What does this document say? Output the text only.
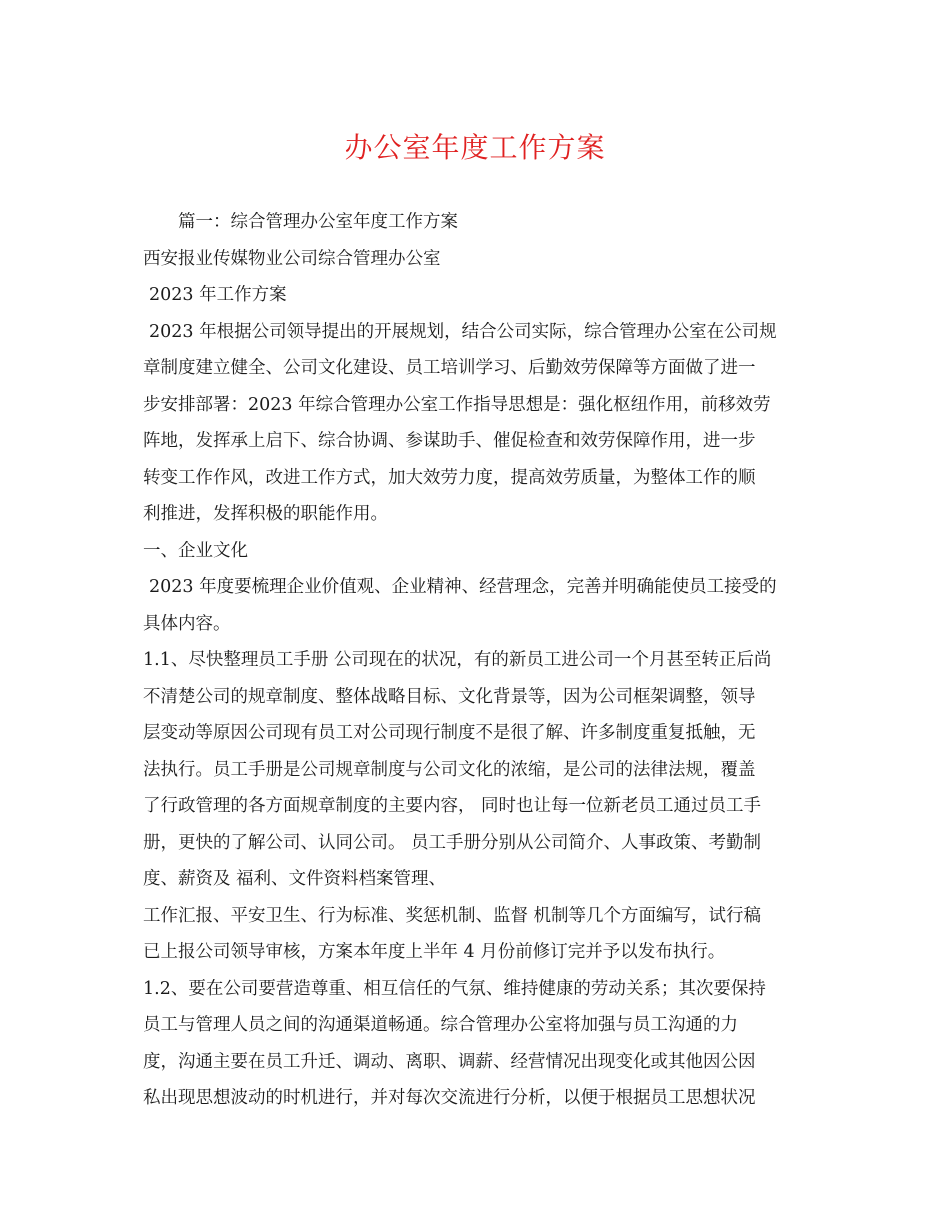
办公室年度工作方案
篇一：综合管理办公室年度工作方案
西安报业传媒物业公司综合管理办公室
2023 年工作方案
2023 年根据公司领导提出的开展规划，结合公司实际，综合管理办公室在公司规
章制度建立健全、公司文化建设、员工培训学习、后勤效劳保障等方面做了进一
步安排部署：2023 年综合管理办公室工作指导思想是：强化枢纽作用，前移效劳
阵地，发挥承上启下、综合协调、参谋助手、催促检查和效劳保障作用，进一步
转变工作作风，改进工作方式，加大效劳力度，提高效劳质量，为整体工作的顺
利推进，发挥积极的职能作用。
一、企业文化
2023 年度要梳理企业价值观、企业精神、经营理念，完善并明确能使员工接受的
具体内容。
1.1、尽快整理员工手册 公司现在的状况，有的新员工进公司一个月甚至转正后尚
不清楚公司的规章制度、整体战略目标、文化背景等，因为公司框架调整，领导
层变动等原因公司现有员工对公司现行制度不是很了解、许多制度重复抵触，无
法执行。员工手册是公司规章制度与公司文化的浓缩，是公司的法律法规，覆盖
了行政管理的各方面规章制度的主要内容， 同时也让每一位新老员工通过员工手
册，更快的了解公司、认同公司。 员工手册分别从公司简介、人事政策、考勤制
度、薪资及 福利、文件资料档案管理、
工作汇报、平安卫生、行为标准、奖惩机制、监督 机制等几个方面编写，试行稿
已上报公司领导审核，方案本年度上半年 4 月份前修订完并予以发布执行。
1.2、要在公司要营造尊重、相互信任的气氛、维持健康的劳动关系；其次要保持
员工与管理人员之间的沟通渠道畅通。综合管理办公室将加强与员工沟通的力
度，沟通主要在员工升迁、调动、离职、调薪、经营情况出现变化或其他因公因
私出现思想波动的时机进行，并对每次交流进行分析，以便于根据员工思想状况
